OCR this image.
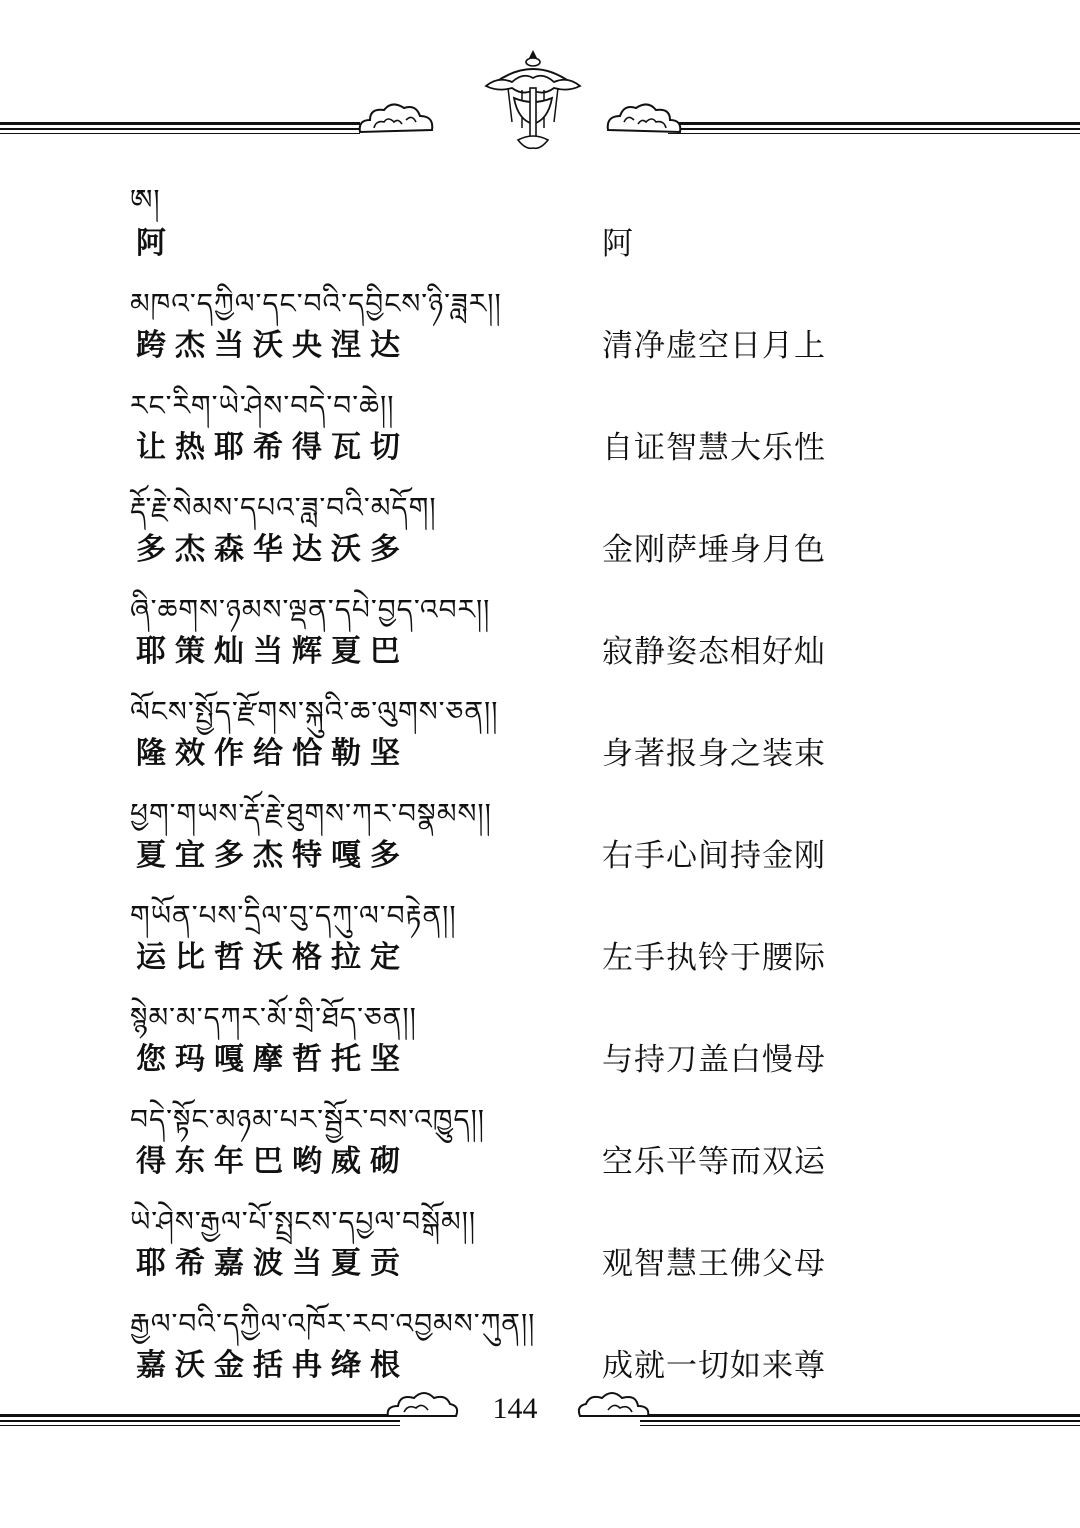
ཨ།
阿	阿
མཁའ་དཀྱིལ་དང་བའི་དབྱིངས་ཉི་ཟླར།།
跨杰当沃央涅达	清净虚空日月上
རང་རིག་ཡེ་ཤེས་བདེ་བ་ཆེ།།
让热耶希得瓦切	自证智慧大乐性
རྡོ་རྗེ་སེམས་དཔའ་ཟླ་བའི་མདོག།
多杰森华达沃多	金刚萨埵身月色
ཞི་ཆགས་ཉམས་ལྡན་དཔེ་བྱད་འབར།།
耶策灿当辉夏巴	寂静姿态相好灿
ལོངས་སྤྱོད་རྫོགས་སྐུའི་ཆ་ལུགས་ཅན།།
隆效作给恰勒坚	身著报身之装束
ཕྱག་གཡས་རྡོ་རྗེ་ཐུགས་ཀར་བསྣམས།།
夏宜多杰特嘎多	右手心间持金刚
གཡོན་པས་དྲིལ་བུ་དཀུ་ལ་བརྟེན།།
运比哲沃格拉定	左手执铃于腰际
སྙེམ་མ་དཀར་མོ་གྲི་ཐོད་ཅན།།
您玛嘎摩哲托坚	与持刀盖白慢母
བདེ་སྟོང་མཉམ་པར་སྦྱོར་བས་འཁྱུད།།
得东年巴哟威砌	空乐平等而双运
ཡེ་ཤེས་རྒྱལ་པོ་སྤྲངས་དཔྱལ་བསྒོམ།།
耶希嘉波当夏贡	观智慧王佛父母
རྒྱལ་བའི་དཀྱིལ་འཁོར་རབ་འབྱམས་ཀུན།།
嘉沃金括冉绛根	成就一切如来尊
144
